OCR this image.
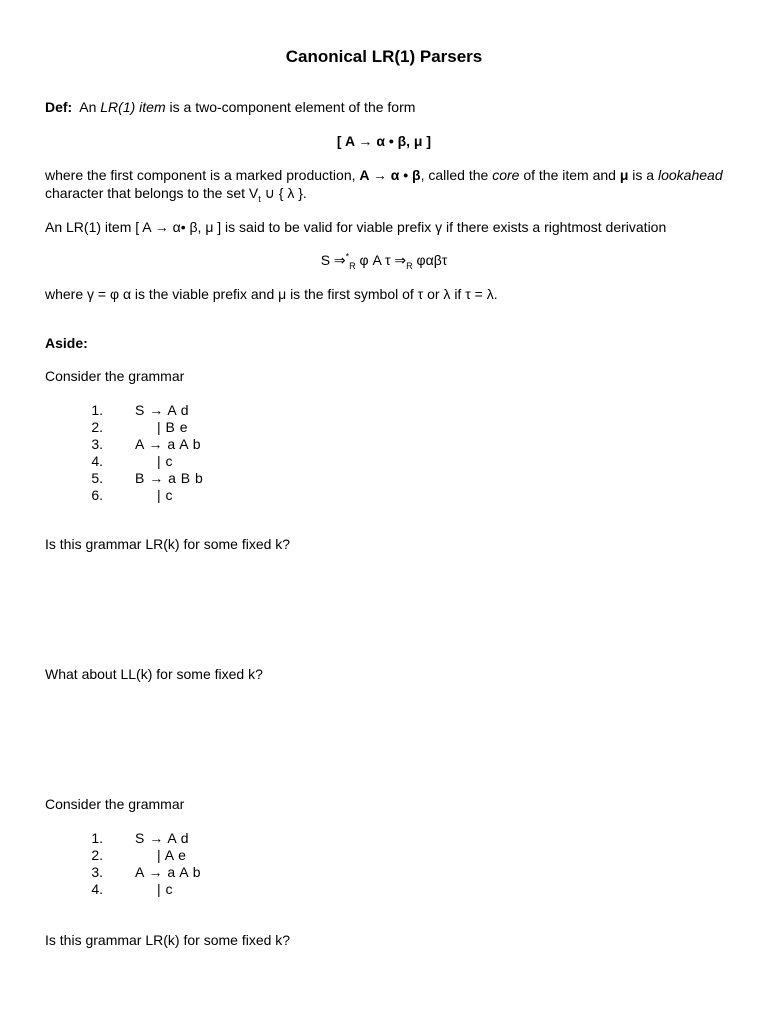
Canonical LR(1) Parsers
Def: An LR(1) item is a two-component element of the form
[ A → α • β, μ ]
where the first component is a marked production, A → α • β, called the core of the item and μ is a lookahead
character that belongs to the set $V_t$ ∪ { λ }.
An LR(1) item [ A → α• β, μ ] is said to be valid for viable prefix γ if there exists a rightmost derivation
S $\Rightarrow^*_R$ φ A τ $\Rightarrow_R$ φαβτ
where γ = φ α is the viable prefix and μ is the first symbol of τ or λ if τ = λ.
Aside:
Consider the grammar
1. S → A d
2. | B e
3. A → a A b
4. | c
5. B → a B b
6. | c
Is this grammar LR(k) for some fixed k?
What about LL(k) for some fixed k?
Consider the grammar
1. S → A d
2. | A e
3. A → a A b
4. | c
Is this grammar LR(k) for some fixed k?
